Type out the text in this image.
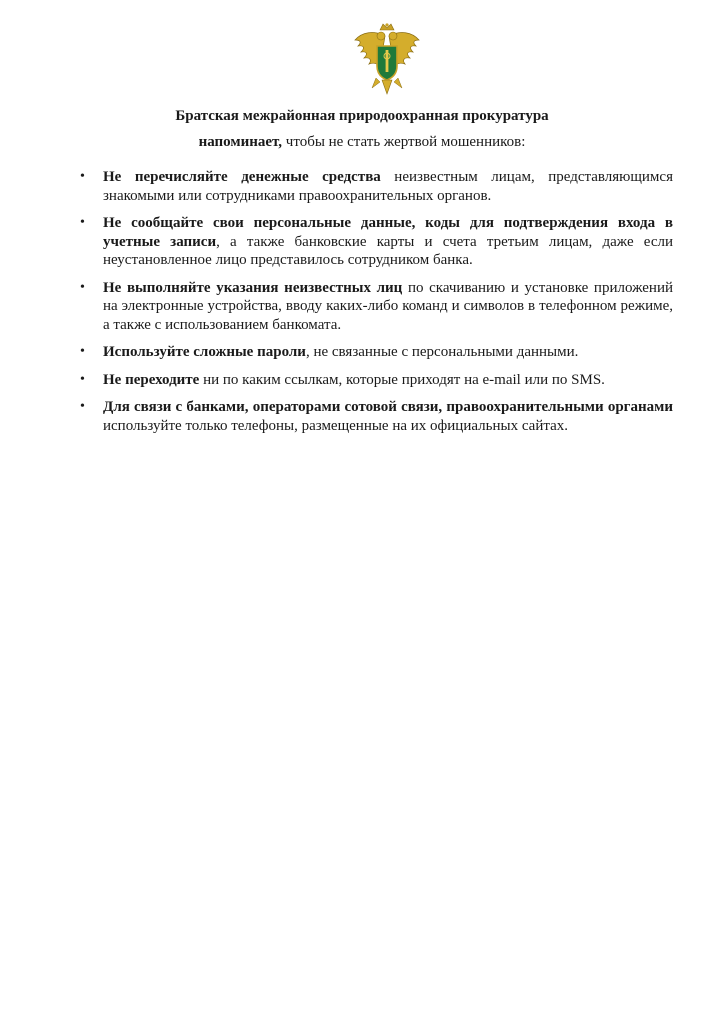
Братская межрайонная природоохранная прокуратура
напоминает, чтобы не стать жертвой мошенников:
• Не перечисляйте денежные средства неизвестным лицам, представляющимся знакомыми или сотрудниками правоохранительных органов.
• Не сообщайте свои персональные данные, коды для подтверждения входа в учетные записи, а также банковские карты и счета третьим лицам, даже если неустановленное лицо представилось сотрудником банка.
• Не выполняйте указания неизвестных лиц по скачиванию и установке приложений на электронные устройства, вводу каких-либо команд и символов в телефонном режиме, а также с использованием банкомата.
• Используйте сложные пароли, не связанные с персональными данными.
• Не переходите ни по каким ссылкам, которые приходят на e-mail или по SMS.
• Для связи с банками, операторами сотовой связи, правоохранительными органами используйте только телефоны, размещенные на их официальных сайтах.
